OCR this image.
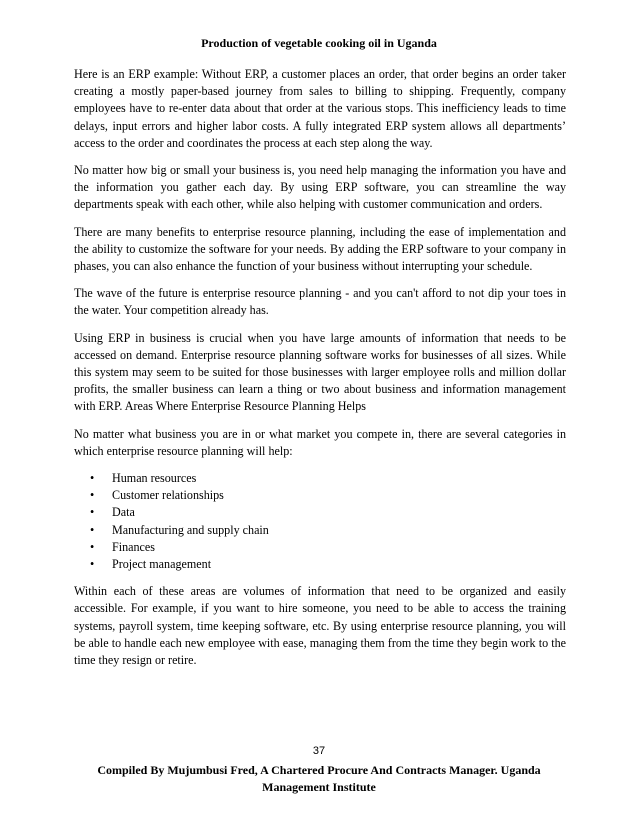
Production of vegetable cooking oil in Uganda

Here is an ERP example: Without ERP, a customer places an order, that order begins an order taker creating a mostly paper-based journey from sales to billing to shipping. Frequently, company employees have to re-enter data about that order at the various stops. This inefficiency leads to time delays, input errors and higher labor costs. A fully integrated ERP system allows all departments’ access to the order and coordinates the process at each step along the way.

No matter how big or small your business is, you need help managing the information you have and the information you gather each day. By using ERP software, you can streamline the way departments speak with each other, while also helping with customer communication and orders.

There are many benefits to enterprise resource planning, including the ease of implementation and the ability to customize the software for your needs. By adding the ERP software to your company in phases, you can also enhance the function of your business without interrupting your schedule.

The wave of the future is enterprise resource planning - and you can't afford to not dip your toes in the water. Your competition already has.

Using ERP in business is crucial when you have large amounts of information that needs to be accessed on demand. Enterprise resource planning software works for businesses of all sizes. While this system may seem to be suited for those businesses with larger employee rolls and million dollar profits, the smaller business can learn a thing or two about business and information management with ERP. Areas Where Enterprise Resource Planning Helps

No matter what business you are in or what market you compete in, there are several categories in which enterprise resource planning will help:

• Human resources
• Customer relationships
• Data
• Manufacturing and supply chain
• Finances
• Project management

Within each of these areas are volumes of information that need to be organized and easily accessible. For example, if you want to hire someone, you need to be able to access the training systems, payroll system, time keeping software, etc. By using enterprise resource planning, you will be able to handle each new employee with ease, managing them from the time they begin work to the time they resign or retire.

37
Compiled By Mujumbusi Fred, A Chartered Procure And Contracts Manager. Uganda Management Institute
